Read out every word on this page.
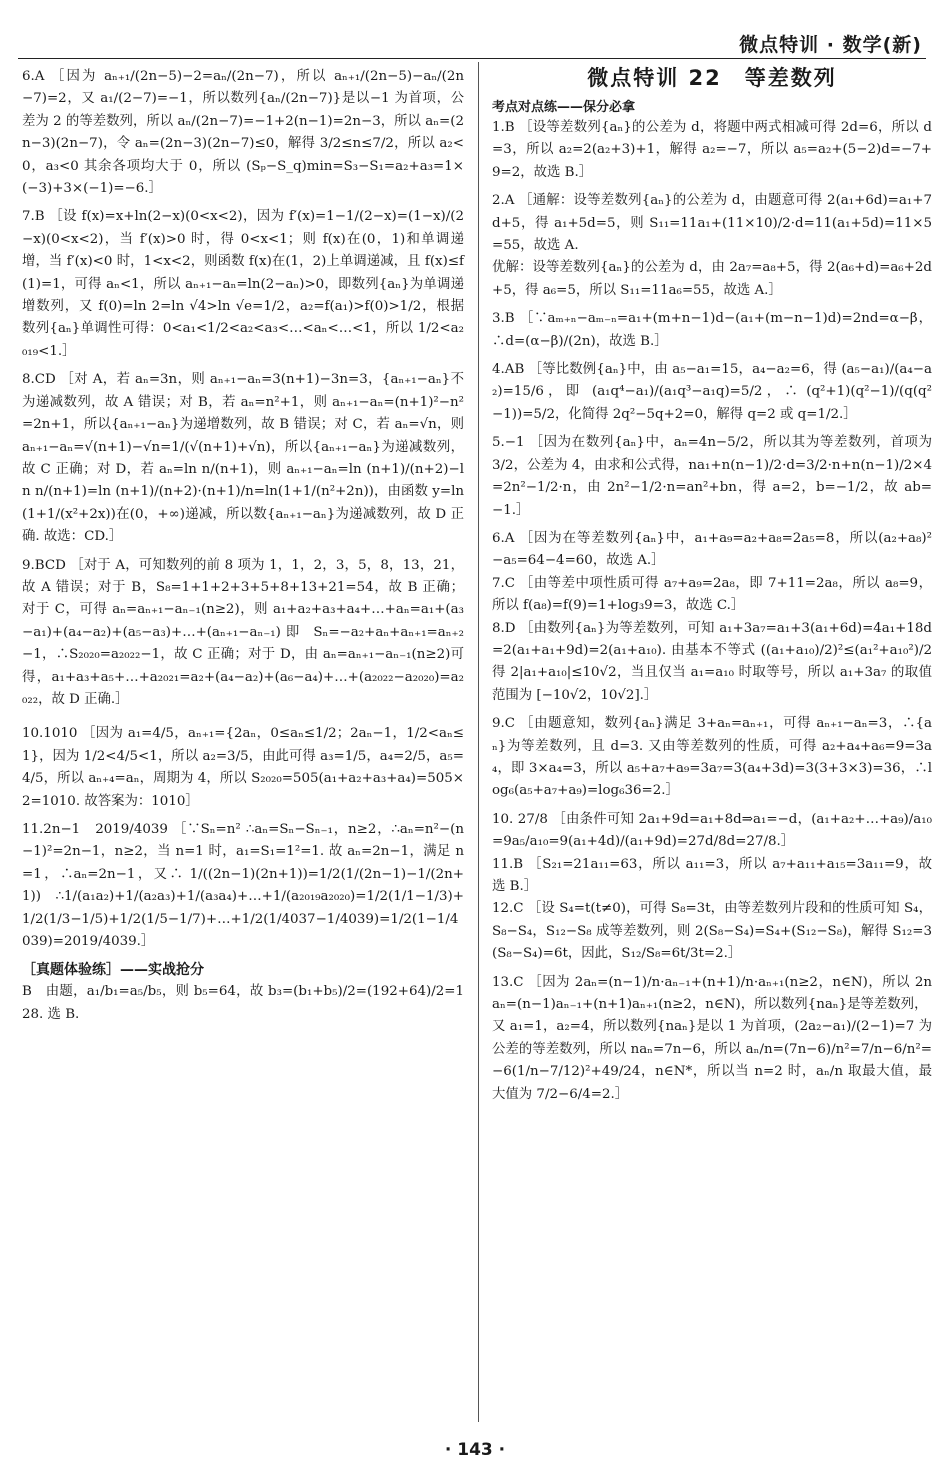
微点特训 · 数学(新)

6.A ［因为 aₙ₊₁/(2n−5)−2=aₙ/(2n−7)，所以 aₙ₊₁/(2n−5)−aₙ/(2n−7)=2，又 a₁/(2−7)=−1，所以数列{aₙ/(2n−7)}是以−1 为首项，公差为 2 的等差数列，所以 aₙ/(2n−7)=−1+2(n−1)=2n−3，所以 aₙ=(2n−3)(2n−7)，令 aₙ=(2n−3)(2n−7)≤0，解得 3/2≤n≤7/2，所以 a₂<0，a₃<0 其余各项均大于 0，所以 (Sₚ−S_q)min=S₃−S₁=a₂+a₃=1×(−3)+3×(−1)=−6.］

7.B ［设 f(x)=x+ln(2−x)(0<x<2)，因为 f′(x)=1−1/(2−x)=(1−x)/(2−x)(0<x<2)，当 f′(x)>0 时，得 0<x<1；则 f(x)在(0，1)和单调递增，当 f′(x)<0 时，1<x<2，则函数 f(x)在(1，2)上单调递减，且 f(x)≤f(1)=1，可得 aₙ<1，所以 aₙ₊₁−aₙ=ln(2−aₙ)>0，即数列{aₙ}为单调递增数列，又 f(0)=ln 2=ln √4>ln √e=1/2，a₂=f(a₁)>f(0)>1/2，根据数列{aₙ}单调性可得：0<a₁<1/2<a₂<a₃<…<aₙ<…<1，所以 1/2<a₂₀₁₉<1.］

8.CD ［对 A，若 aₙ=3n，则 aₙ₊₁−aₙ=3(n+1)−3n=3，{aₙ₊₁−aₙ}不为递减数列，故 A 错误；对 B，若 aₙ=n²+1，则 aₙ₊₁−aₙ=(n+1)²−n²=2n+1，所以{aₙ₊₁−aₙ}为递增数列，故 B 错误；对 C，若 aₙ=√n，则 aₙ₊₁−aₙ=√(n+1)−√n=1/(√(n+1)+√n)，所以{aₙ₊₁−aₙ}为递减数列，故 C 正确；对 D，若 aₙ=ln n/(n+1)，则 aₙ₊₁−aₙ=ln (n+1)/(n+2)−ln n/(n+1)=ln (n+1)/(n+2)·(n+1)/n=ln(1+1/(n²+2n))，由函数 y=ln(1+1/(x²+2x))在(0，+∞)递减，所以数{aₙ₊₁−aₙ}为递减数列，故 D 正确. 故选：CD.］

9.BCD ［对于 A，可知数列的前 8 项为 1，1，2，3，5，8，13，21，故 A 错误；对于 B，S₈=1+1+2+3+5+8+13+21=54，故 B 正确；对于 C，可得 aₙ=aₙ₊₁−aₙ₋₁(n≥2)，则 a₁+a₂+a₃+a₄+…+aₙ=a₁+(a₃−a₁)+(a₄−a₂)+(a₅−a₃)+…+(aₙ₊₁−aₙ₋₁)即 Sₙ=−a₂+aₙ+aₙ₊₁=aₙ₊₂−1，∴S₂₀₂₀=a₂₀₂₂−1，故 C 正确；对于 D，由 aₙ=aₙ₊₁−aₙ₋₁(n≥2)可得，a₁+a₃+a₅+…+a₂₀₂₁=a₂+(a₄−a₂)+(a₆−a₄)+…+(a₂₀₂₂−a₂₀₂₀)=a₂₀₂₂，故 D 正确.］

10.1010 ［因为 a₁=4/5，aₙ₊₁={2aₙ，0≤aₙ≤1/2；2aₙ−1，1/2<aₙ≤1}，因为 1/2<4/5<1，所以 a₂=3/5，由此可得 a₃=1/5，a₄=2/5，a₅=4/5，所以 aₙ₊₄=aₙ，周期为 4，所以 S₂₀₂₀=505(a₁+a₂+a₃+a₄)=505×2=1010. 故答案为：1010］

11.2n−1　2019/4039 ［∵Sₙ=n² ∴aₙ=Sₙ−Sₙ₋₁，n≥2，∴aₙ=n²−(n−1)²=2n−1，n≥2，当 n=1 时，a₁=S₁=1²=1. 故 aₙ=2n−1，满足 n=1，∴aₙ=2n−1，又∴ 1/((2n−1)(2n+1))=1/2(1/(2n−1)−1/(2n+1)) ∴1/(a₁a₂)+1/(a₂a₃)+1/(a₃a₄)+…+1/(a₂₀₁₉a₂₀₂₀)=1/2(1/1−1/3)+1/2(1/3−1/5)+1/2(1/5−1/7)+…+1/2(1/4037−1/4039)=1/2(1−1/4039)=2019/4039.］

［真题体验练］——实战抢分

B　由题，a₁/b₁=a₅/b₅，则 b₅=64，故 b₃=(b₁+b₅)/2=(192+64)/2=128. 选 B.

微点特训 22　等差数列
考点对点练——保分必拿

1.B ［设等差数列{aₙ}的公差为 d，将题中两式相减可得 2d=6，所以 d=3，所以 a₂=2(a₂+3)+1，解得 a₂=−7，所以 a₅=a₂+(5−2)d=−7+9=2，故选 B.］

2.A ［通解：设等差数列{aₙ}的公差为 d，由题意可得 2(a₁+6d)=a₁+7d+5，得 a₁+5d=5，则 S₁₁=11a₁+(11×10)/2·d=11(a₁+5d)=11×5=55，故选 A.

优解：设等差数列{aₙ}的公差为 d，由 2a₇=a₈+5，得 2(a₆+d)=a₆+2d+5，得 a₆=5，所以 S₁₁=11a₆=55，故选 A.］

3.B ［∵aₘ₊ₙ−aₘ₋ₙ=a₁+(m+n−1)d−(a₁+(m−n−1)d)=2nd=α−β，∴d=(α−β)/(2n)，故选 B.］

4.AB ［等比数例{aₙ}中，由 a₅−a₁=15，a₄−a₂=6，得 (a₅−a₁)/(a₄−a₂)=15/6，即 (a₁q⁴−a₁)/(a₁q³−a₁q)=5/2，∴ (q²+1)(q²−1)/(q(q²−1))=5/2，化简得 2q²−5q+2=0，解得 q=2 或 q=1/2.］

5.−1 ［因为在数列{aₙ}中，aₙ=4n−5/2，所以其为等差数列，首项为 3/2，公差为 4，由求和公式得，na₁+n(n−1)/2·d=3/2·n+n(n−1)/2×4=2n²−1/2·n，由 2n²−1/2·n=an²+bn，得 a=2，b=−1/2，故 ab=−1.］

6.A ［因为在等差数列{aₙ}中，a₁+a₉=a₂+a₈=2a₅=8，所以(a₂+a₈)²−a₅=64−4=60，故选 A.］

7.C ［由等差中项性质可得 a₇+a₉=2a₈，即 7+11=2a₈，所以 a₈=9，所以 f(a₈)=f(9)=1+log₃9=3，故选 C.］

8.D ［由数列{aₙ}为等差数列，可知 a₁+3a₇=a₁+3(a₁+6d)=4a₁+18d=2(a₁+a₁+9d)=2(a₁+a₁₀). 由基本不等式 ((a₁+a₁₀)/2)²≤(a₁²+a₁₀²)/2 得 2|a₁+a₁₀|≤10√2，当且仅当 a₁=a₁₀ 时取等号，所以 a₁+3a₇ 的取值范围为 [−10√2，10√2].］

9.C ［由题意知，数列{aₙ}满足 3+aₙ=aₙ₊₁，可得 aₙ₊₁−aₙ=3，∴{aₙ}为等差数列，且 d=3. 又由等差数列的性质，可得 a₂+a₄+a₆=9=3a₄，即 3×a₄=3，所以 a₅+a₇+a₉=3a₇=3(a₄+3d)=3(3+3×3)=36，∴log₆(a₅+a₇+a₉)=log₆36=2.］

10. 27/8 ［由条件可知 2a₁+9d=a₁+8d⇒a₁=−d，(a₁+a₂+…+a₉)/a₁₀=9a₅/a₁₀=9(a₁+4d)/(a₁+9d)=27d/8d=27/8.］

11.B ［S₂₁=21a₁₁=63，所以 a₁₁=3，所以 a₇+a₁₁+a₁₅=3a₁₁=9，故选 B.］

12.C ［设 S₄=t(t≠0)，可得 S₈=3t，由等差数列片段和的性质可知 S₄，S₈−S₄，S₁₂−S₈ 成等差数列，则 2(S₈−S₄)=S₄+(S₁₂−S₈)，解得 S₁₂=3(S₈−S₄)=6t，因此，S₁₂/S₈=6t/3t=2.］

13.C ［因为 2aₙ=(n−1)/n·aₙ₋₁+(n+1)/n·aₙ₊₁(n≥2，n∈N)，所以 2naₙ=(n−1)aₙ₋₁+(n+1)aₙ₊₁(n≥2，n∈N)，所以数列{naₙ}是等差数列，

又 a₁=1，a₂=4，所以数列{naₙ}是以 1 为首项，(2a₂−a₁)/(2−1)=7 为公差的等差数列，所以 naₙ=7n−6，所以 aₙ/n=(7n−6)/n²=7/n−6/n²=−6(1/n−7/12)²+49/24，n∈N*，所以当 n=2 时，aₙ/n 取最大值，最大值为 7/2−6/4=2.］

· 143 ·
